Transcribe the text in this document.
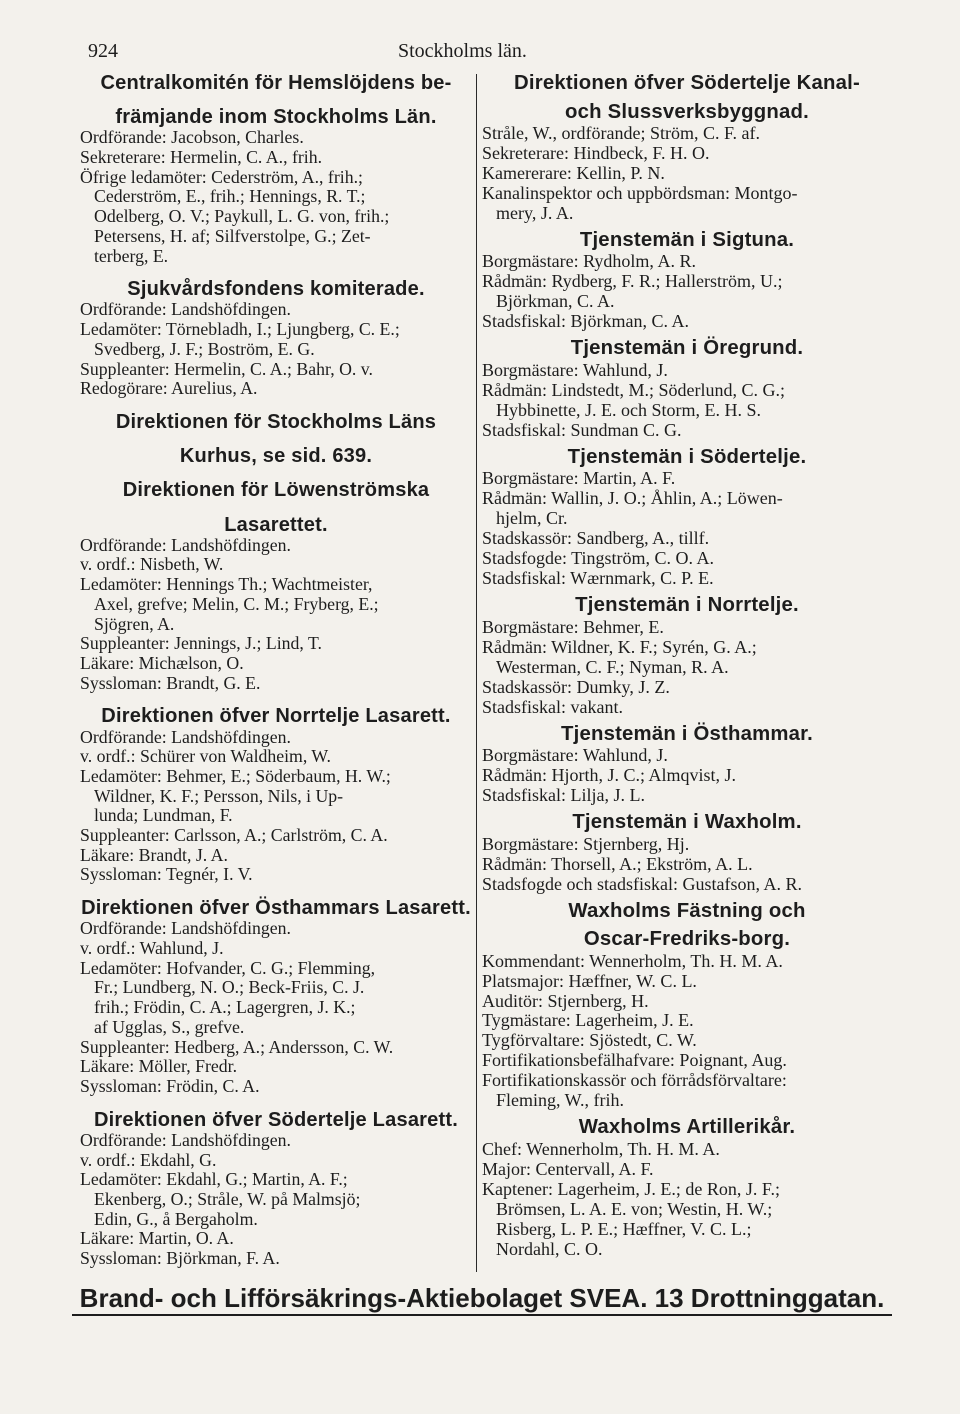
924	Stockholms län.
Centralkomitén för Hemslöjdens be-
främjande inom Stockholms Län.
Ordförande: Jacobson, Charles.
Sekreterare: Hermelin, C. A., frih.
Öfrige ledamöter: Cederström, A., frih.;
Cederström, E., frih.; Hennings, R. T.;
Odelberg, O. V.; Paykull, L. G. von, frih.;
Petersens, H. af; Silfverstolpe, G.; Zet-
terberg, E.
Sjukvårdsfondens komiterade.
Ordförande: Landshöfdingen.
Ledamöter: Törnebladh, I.; Ljungberg, C. E.;
Svedberg, J. F.; Boström, E. G.
Suppleanter: Hermelin, C. A.; Bahr, O. v.
Redogörare: Aurelius, A.
Direktionen för Stockholms Läns
Kurhus, se sid. 639.
Direktionen för Löwenströmska
Lasarettet.
Ordförande: Landshöfdingen.
v. ordf.: Nisbeth, W.
Ledamöter: Hennings Th.; Wachtmeister,
Axel, grefve; Melin, C. M.; Fryberg, E.;
Sjögren, A.
Suppleanter: Jennings, J.; Lind, T.
Läkare: Michælson, O.
Syssloman: Brandt, G. E.
Direktionen öfver Norrtelje Lasarett.
Ordförande: Landshöfdingen.
v. ordf.: Schürer von Waldheim, W.
Ledamöter: Behmer, E.; Söderbaum, H. W.;
Wildner, K. F.; Persson, Nils, i Up-
lunda; Lundman, F.
Suppleanter: Carlsson, A.; Carlström, C. A.
Läkare: Brandt, J. A.
Syssloman: Tegnér, I. V.
Direktionen öfver Östhammars Lasarett.
Ordförande: Landshöfdingen.
v. ordf.: Wahlund, J.
Ledamöter: Hofvander, C. G.; Flemming,
Fr.; Lundberg, N. O.; Beck-Friis, C. J.
frih.; Frödin, C. A.; Lagergren, J. K.;
af Ugglas, S., grefve.
Suppleanter: Hedberg, A.; Andersson, C. W.
Läkare: Möller, Fredr.
Syssloman: Frödin, C. A.
Direktionen öfver Södertelje Lasarett.
Ordförande: Landshöfdingen.
v. ordf.: Ekdahl, G.
Ledamöter: Ekdahl, G.; Martin, A. F.;
Ekenberg, O.; Stråle, W. på Malmsjö;
Edin, G., å Bergaholm.
Läkare: Martin, O. A.
Syssloman: Björkman, F. A.
Direktionen öfver Södertelje Kanal-
och Slussverksbyggnad.
Stråle, W., ordförande; Ström, C. F. af.
Sekreterare: Hindbeck, F. H. O.
Kamererare: Kellin, P. N.
Kanalinspektor och uppbördsman: Montgo-
mery, J. A.
Tjenstemän i Sigtuna.
Borgmästare: Rydholm, A. R.
Rådmän: Rydberg, F. R.; Hallerström, U.;
Björkman, C. A.
Stadsfiskal: Björkman, C. A.
Tjenstemän i Öregrund.
Borgmästare: Wahlund, J.
Rådmän: Lindstedt, M.; Söderlund, C. G.;
Hybbinette, J. E. och Storm, E. H. S.
Stadsfiskal: Sundman C. G.
Tjenstemän i Södertelje.
Borgmästare: Martin, A. F.
Rådmän: Wallin, J. O.; Åhlin, A.; Löwen-
hjelm, Cr.
Stadskassör: Sandberg, A., tillf.
Stadsfogde: Tingström, C. O. A.
Stadsfiskal: Wærnmark, C. P. E.
Tjenstemän i Norrtelje.
Borgmästare: Behmer, E.
Rådmän: Wildner, K. F.; Syrén, G. A.;
Westerman, C. F.; Nyman, R. A.
Stadskassör: Dumky, J. Z.
Stadsfiskal: vakant.
Tjenstemän i Östhammar.
Borgmästare: Wahlund, J.
Rådmän: Hjorth, J. C.; Almqvist, J.
Stadsfiskal: Lilja, J. L.
Tjenstemän i Waxholm.
Borgmästare: Stjernberg, Hj.
Rådmän: Thorsell, A.; Ekström, A. L.
Stadsfogde och stadsfiskal: Gustafson, A. R.
Waxholms Fästning och
Oscar-Fredriks-borg.
Kommendant: Wennerholm, Th. H. M. A.
Platsmajor: Hæffner, W. C. L.
Auditör: Stjernberg, H.
Tygmästare: Lagerheim, J. E.
Tygförvaltare: Sjöstedt, C. W.
Fortifikationsbefälhafvare: Poignant, Aug.
Fortifikationskassör och förrådsförvaltare:
Fleming, W., frih.
Waxholms Artillerikår.
Chef: Wennerholm, Th. H. M. A.
Major: Centervall, A. F.
Kaptener: Lagerheim, J. E.; de Ron, J. F.;
Brömsen, L. A. E. von; Westin, H. W.;
Risberg, L. P. E.; Hæffner, V. C. L.;
Nordahl, C. O.
Brand- och Lifförsäkrings-Aktiebolaget SVEA. 13 Drottninggatan.
